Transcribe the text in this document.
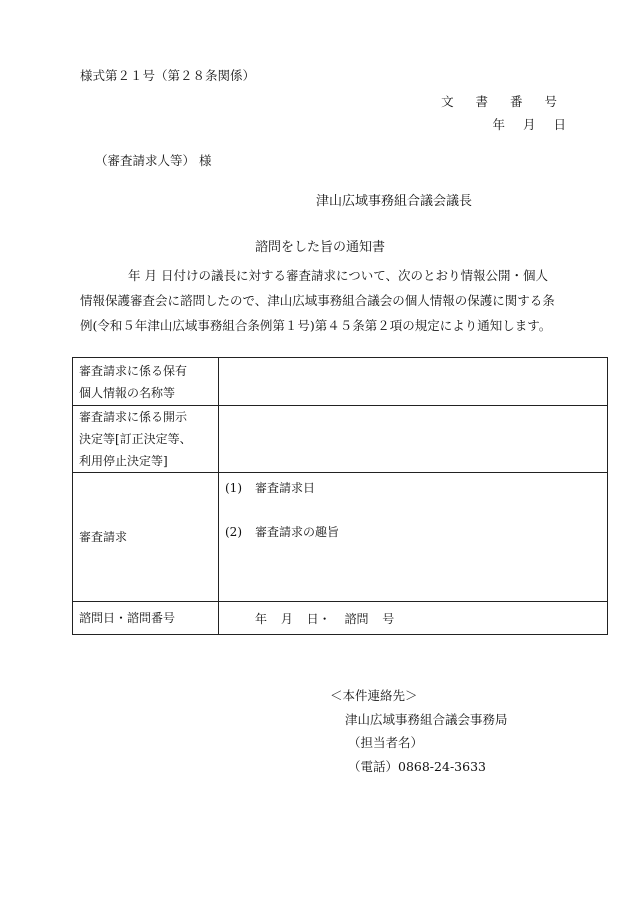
様式第２１号（第２８条関係）
文 書 番 号
年 月 日
（審査請求人等） 様
津山広域事務組合議会議長
諮問をした旨の通知書

年 月 日付けの議長に対する審査請求について、次のとおり情報公開・個人

情報保護審査会に諮問したので、津山広域事務組合議会の個人情報の保護に関する条

例(令和５年津山広域事務組合条例第１号)第４５条第２項の規定により通知します。

審査請求に係る保有
個人情報の名称等	

審査請求に係る開示
決定等[訂正決定等、
利用停止決定等]	

審査請求	(1) 審査請求日
(2) 審査請求の趣旨

諮問日・諮問番号	年 月 日・ 諮問 号
＜本件連絡先＞
津山広域事務組合議会事務局
（担当者名）
（電話）0868-24-3633
